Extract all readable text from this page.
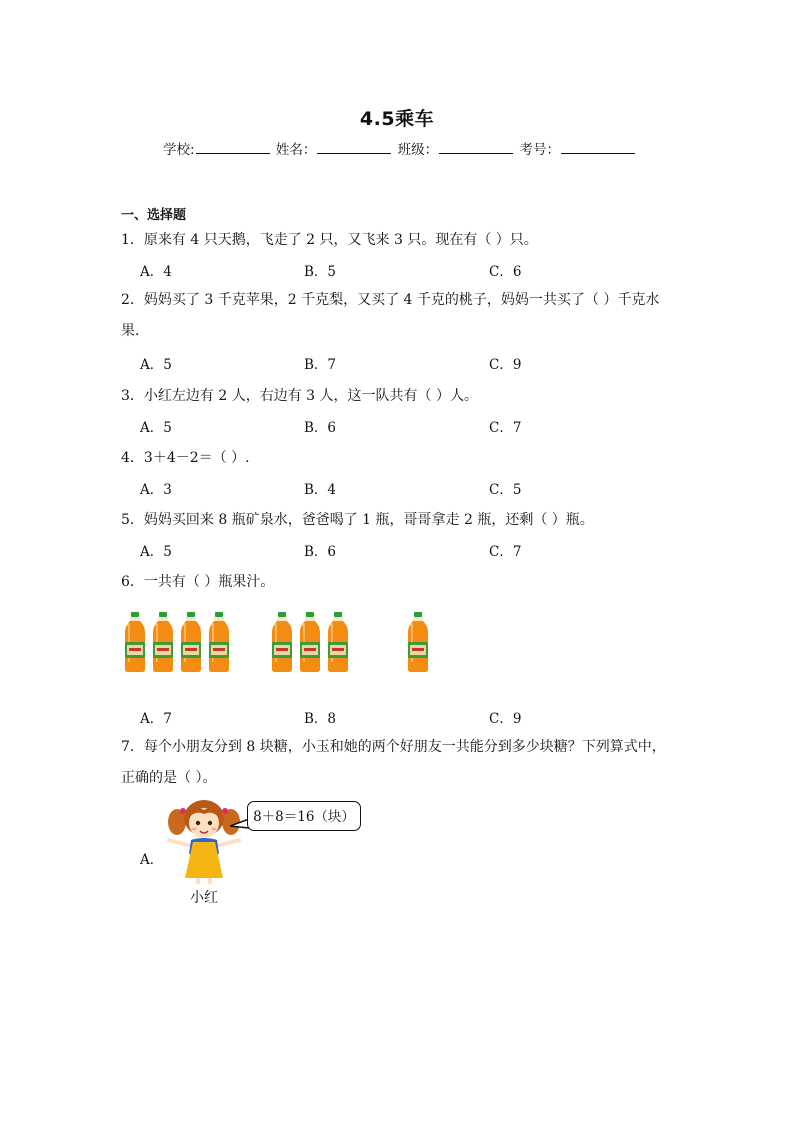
4.5乘车
学校:	姓名：	班级：	考号：
一、选择题
1．原来有 4 只天鹅，飞走了 2 只，又飞来 3 只。现在有（ ）只。
A．4	B．5	C．6
2．妈妈买了 3 千克苹果，2 千克梨，又买了 4 千克的桃子，妈妈一共买了（ ）千克水果．
A．5	B．7	C．9
3．小红左边有 2 人，右边有 3 人，这一队共有（ ）人。
A．5	B．6	C．7
4．3＋4－2＝（ ）.
A．3	B．4	C．5
5．妈妈买回来 8 瓶矿泉水，爸爸喝了 1 瓶，哥哥拿走 2 瓶，还剩（ ）瓶。
A．5	B．6	C．7
6．一共有（ ）瓶果汁。
A．7	B．8	C．9
7．每个小朋友分到 8 块糖，小玉和她的两个好朋友一共能分到多少块糖？下列算式中，正确的是（ ）。
A．
8＋8＝16（块）
小红
